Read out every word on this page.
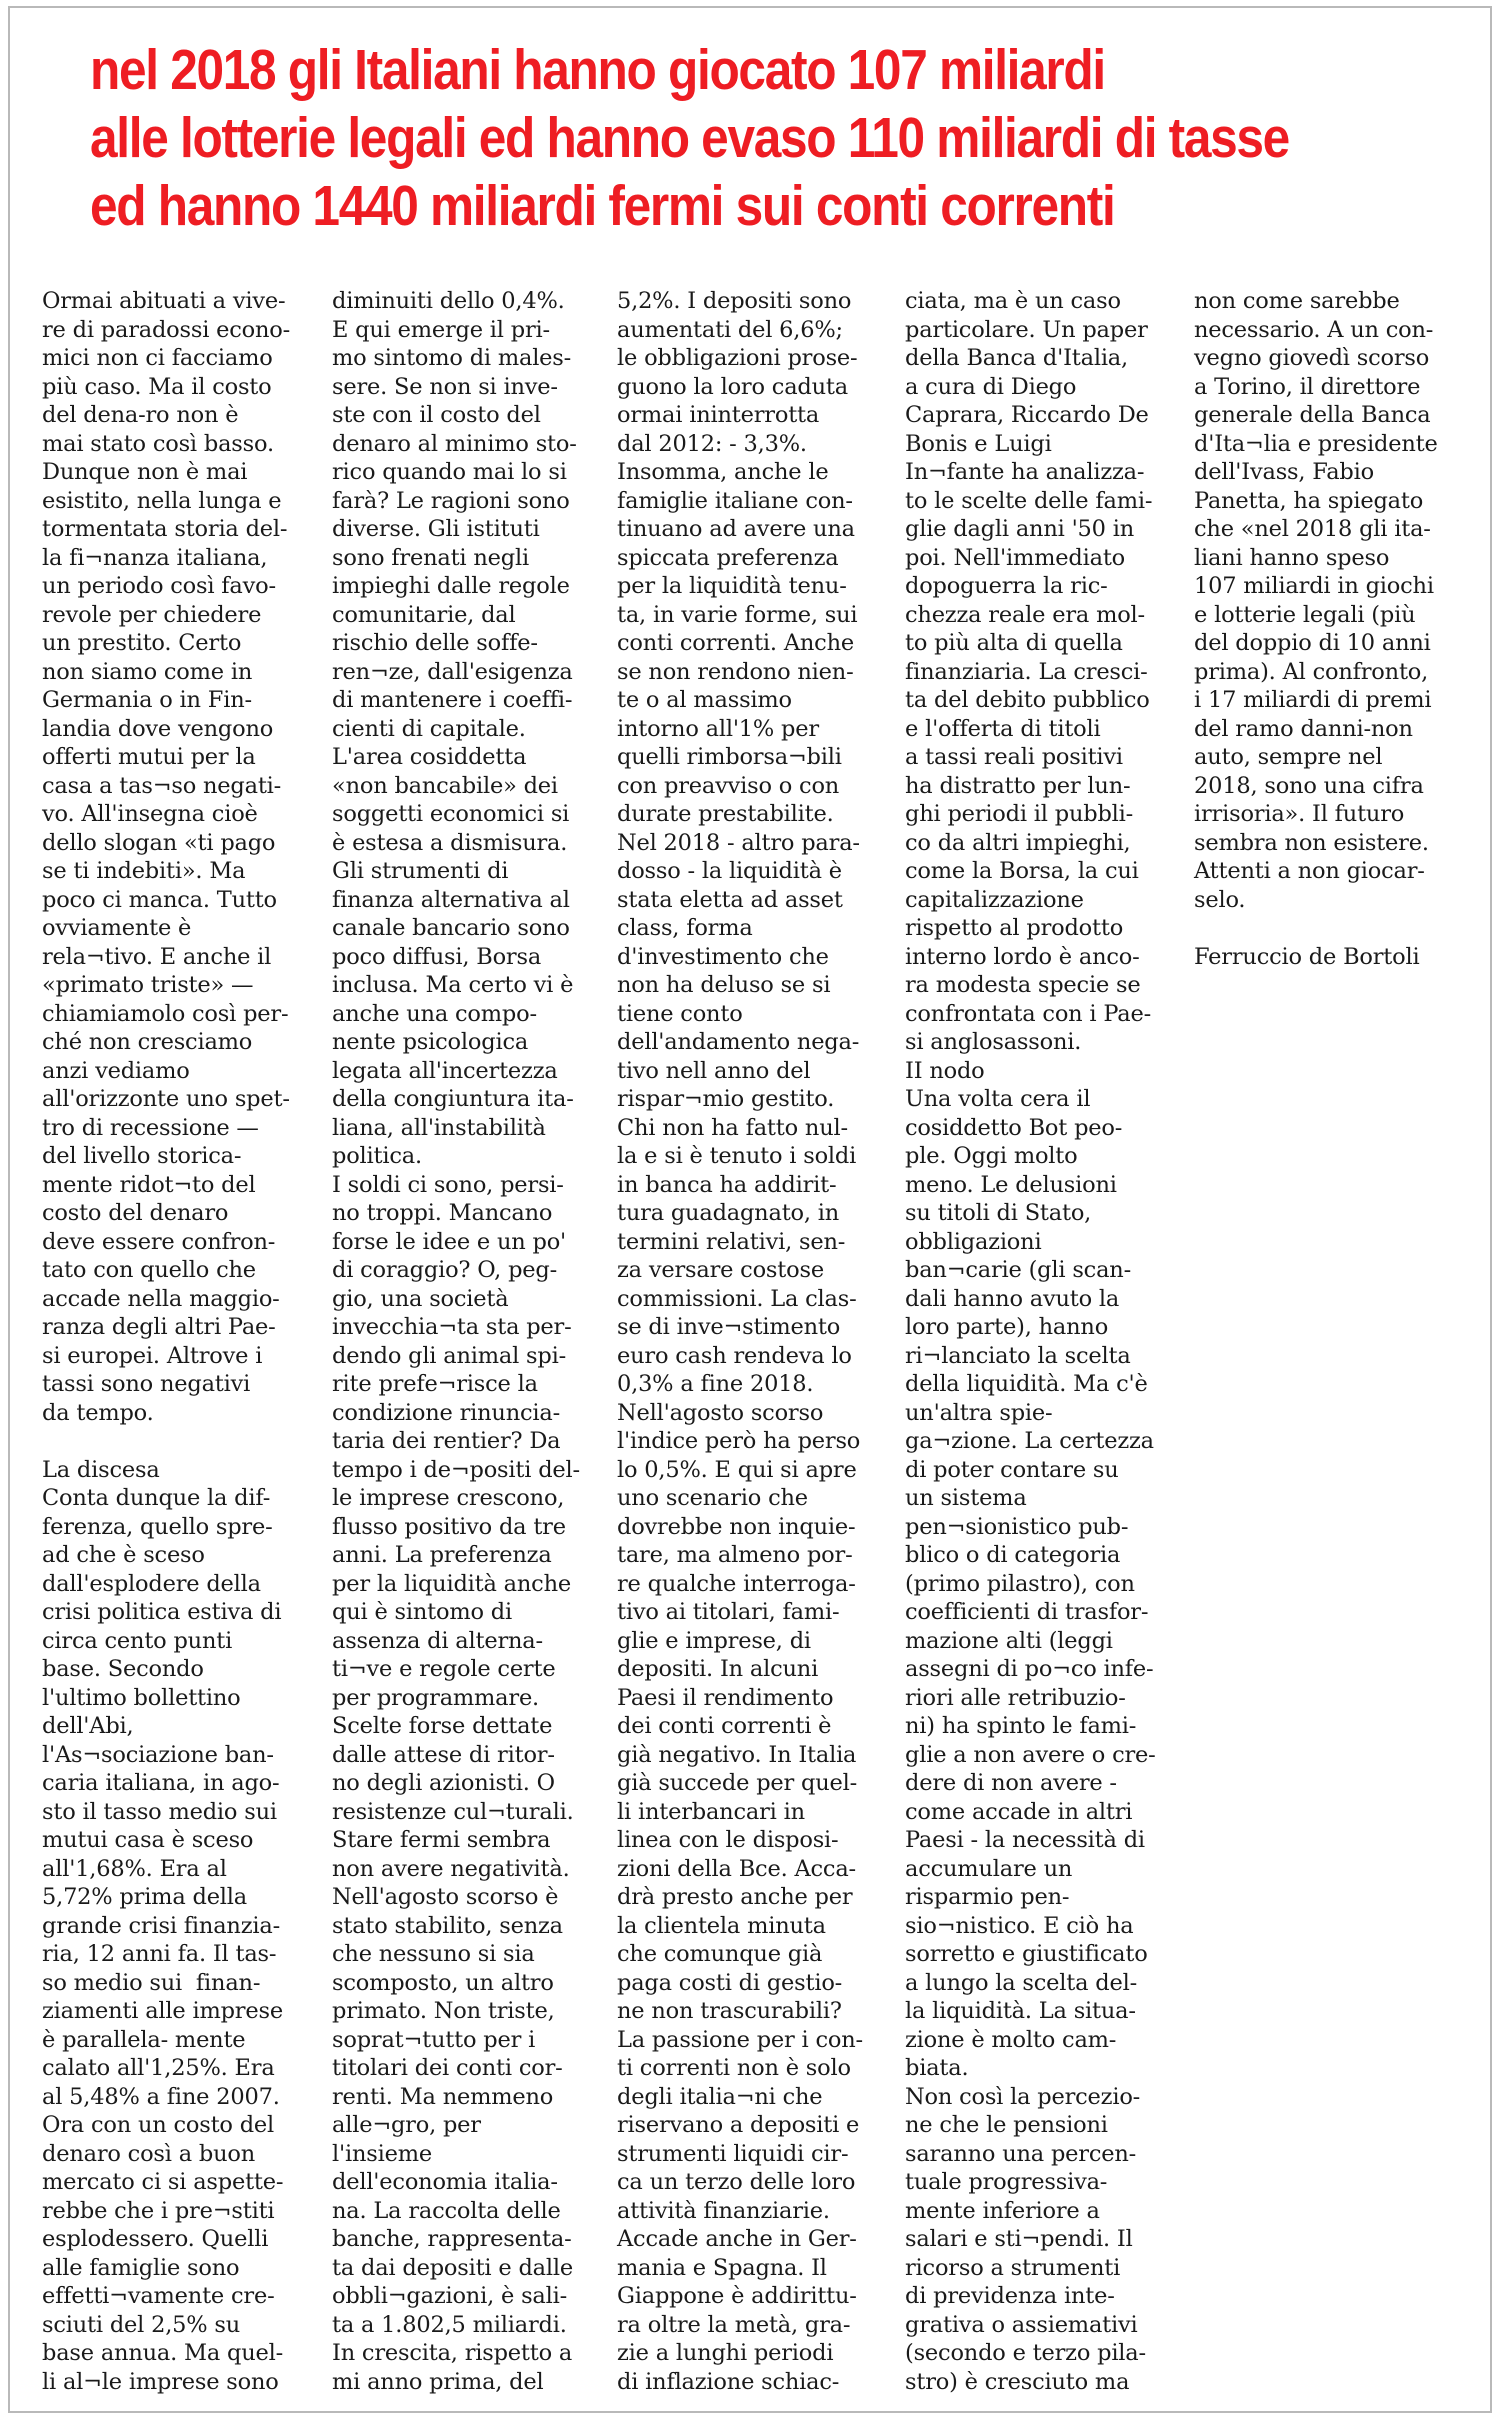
nel 2018 gli Italiani hanno giocato 107 miliardi
alle lotterie legali ed hanno evaso 110 miliardi di tasse
ed hanno 1440 miliardi fermi sui conti correnti

Ormai abituati a vive-

re di paradossi econo-

mici non ci facciamo

più caso. Ma il costo

del dena-ro non è

mai stato così basso.

Dunque non è mai

esistito, nella lunga e

tormentata storia del-

la fi¬nanza italiana,

un periodo così favo-

revole per chiedere

un prestito. Certo

non siamo come in

Germania o in Fin-

landia dove vengono

offerti mutui per la

casa a tas¬so negati-

vo. All'insegna cioè

dello slogan «ti pago

se ti indebiti». Ma

poco ci manca. Tutto

ovviamente è

rela¬tivo. E anche il

«primato triste» —

chiamiamolo così per-

ché non cresciamo

anzi vediamo

all'orizzonte uno spet-

tro di recessione —

del livello storica-

mente ridot¬to del

costo del denaro

deve essere confron-

tato con quello che

accade nella maggio-

ranza degli altri Pae-

si europei. Altrove i

tassi sono negativi

da tempo.

La discesa

Conta dunque la dif-

ferenza, quello spre-

ad che è sceso

dall'esplodere della

crisi politica estiva di

circa cento punti

base. Secondo

l'ultimo bollettino

dell'Abi,

l'As¬sociazione ban-

caria italiana, in ago-

sto il tasso medio sui

mutui casa è sceso

all'1,68%. Era al

5,72% prima della

grande crisi finanzia-

ria, 12 anni fa. Il tas-

so medio sui  finan-

ziamenti alle imprese

è parallela- mente

calato all'1,25%. Era

al 5,48% a fine 2007.

Ora con un costo del

denaro così a buon

mercato ci si aspette-

rebbe che i pre¬stiti

esplodessero. Quelli

alle famiglie sono

effetti¬vamente cre-

sciuti del 2,5% su

base annua. Ma quel-

li al¬le imprese sono

diminuiti dello 0,4%.

E qui emerge il pri-

mo sintomo di males-

sere. Se non si inve-

ste con il costo del

denaro al minimo sto-

rico quando mai lo si

farà? Le ragioni sono

diverse. Gli istituti

sono frenati negli

impieghi dalle regole

comunitarie, dal

rischio delle soffe-

ren¬ze, dall'esigenza

di mantenere i coeffi-

cienti di capitale.

L'area cosiddetta

«non bancabile» dei

soggetti economici si

è estesa a dismisura.

Gli strumenti di

finanza alternativa al

canale bancario sono

poco diffusi, Borsa

inclusa. Ma certo vi è

anche una compo-

nente psicologica

legata all'incertezza

della congiuntura ita-

liana, all'instabilità

politica.

I soldi ci sono, persi-

no troppi. Mancano

forse le idee e un po'

di coraggio? O, peg-

gio, una società

invecchia¬ta sta per-

dendo gli animal spi-

rite prefe¬risce la

condizione rinuncia-

taria dei rentier? Da

tempo i de¬positi del-

le imprese crescono,

flusso positivo da tre

anni. La preferenza

per la liquidità anche

qui è sintomo di

assenza di alterna-

ti¬ve e regole certe

per programmare.

Scelte forse dettate

dalle attese di ritor-

no degli azionisti. O

resistenze cul¬turali.

Stare fermi sembra

non avere negatività.

Nell'agosto scorso è

stato stabilito, senza

che nessuno si sia

scomposto, un altro

primato. Non triste,

soprat¬tutto per i

titolari dei conti cor-

renti. Ma nemmeno

alle¬gro, per

l'insieme

dell'economia italia-

na. La raccolta delle

banche, rappresenta-

ta dai depositi e dalle

obbli¬gazioni, è sali-

ta a 1.802,5 miliardi.

In crescita, rispetto a

mi anno prima, del

5,2%. I depositi sono

aumentati del 6,6%;

le obbligazioni prose-

guono la loro caduta

ormai ininterrotta

dal 2012: - 3,3%.

Insomma, anche le

famiglie italiane con-

tinuano ad avere una

spiccata preferenza

per la liquidità tenu-

ta, in varie forme, sui

conti correnti. Anche

se non rendono nien-

te o al massimo

intorno all'1% per

quelli rimborsa¬bili

con preavviso o con

durate prestabilite.

Nel 2018 - altro para-

dosso - la liquidità è

stata eletta ad asset

class, forma

d'investimento che

non ha deluso se si

tiene conto

dell'andamento nega-

tivo nell anno del

rispar¬mio gestito.

Chi non ha fatto nul-

la e si è tenuto i soldi

in banca ha addirit-

tura guadagnato, in

termini relativi, sen-

za versare costose

commissioni. La clas-

se di inve¬stimento

euro cash rendeva lo

0,3% a fine 2018.

Nell'agosto scorso

l'indice però ha perso

lo 0,5%. E qui si apre

uno scenario che

dovrebbe non inquie-

tare, ma almeno por-

re qualche interroga-

tivo ai titolari, fami-

glie e imprese, di

depositi. In alcuni

Paesi il rendimento

dei conti correnti è

già negativo. In Italia

già succede per quel-

li interbancari in

linea con le disposi-

zioni della Bce. Acca-

drà presto anche per

la clientela minuta

che comunque già

paga costi di gestio-

ne non trascurabili?

La passione per i con-

ti correnti non è solo

degli italia¬ni che

riservano a depositi e

strumenti liquidi cir-

ca un terzo delle loro

attività finanziarie.

Accade anche in Ger-

mania e Spagna. Il

Giappone è addirittu-

ra oltre la metà, gra-

zie a lunghi periodi

di inflazione schiac-

ciata, ma è un caso

particolare. Un paper

della Banca d'Italia,

a cura di Diego

Caprara, Riccardo De

Bonis e Luigi

In¬fante ha analizza-

to le scelte delle fami-

glie dagli anni '50 in

poi. Nell'immediato

dopoguerra la ric-

chezza reale era mol-

to più alta di quella

finanziaria. La cresci-

ta del debito pubblico

e l'offerta di titoli

a tassi reali positivi

ha distratto per lun-

ghi periodi il pubbli-

co da altri impieghi,

come la Borsa, la cui

capitalizzazione

rispetto al prodotto

interno lordo è anco-

ra modesta specie se

confrontata con i Pae-

si anglosassoni.

II nodo

Una volta cera il

cosiddetto Bot peo-

ple. Oggi molto

meno. Le delusioni

su titoli di Stato,

obbligazioni

ban¬carie (gli scan-

dali hanno avuto la

loro parte), hanno

ri¬lanciato la scelta

della liquidità. Ma c'è

un'altra spie-

ga¬zione. La certezza

di poter contare su

un sistema

pen¬sionistico pub-

blico o di categoria

(primo pilastro), con

coefficienti di trasfor-

mazione alti (leggi

assegni di po¬co infe-

riori alle retribuzio-

ni) ha spinto le fami-

glie a non avere o cre-

dere di non avere -

come accade in altri

Paesi - la necessità di

accumulare un

risparmio pen-

sio¬nistico. E ciò ha

sorretto e giustificato

a lungo la scelta del-

la liquidità. La situa-

zione è molto cam-

biata.

Non così la percezio-

ne che le pensioni

saranno una percen-

tuale progressiva-

mente inferiore a

salari e sti¬pendi. Il

ricorso a strumenti

di previdenza inte-

grativa o assiemativi

(secondo e terzo pila-

stro) è cresciuto ma

non come sarebbe

necessario. A un con-

vegno giovedì scorso

a Torino, il direttore

generale della Banca

d'Ita¬lia e presidente

dell'Ivass, Fabio

Panetta, ha spiegato

che «nel 2018 gli ita-

liani hanno speso

107 miliardi in giochi

e lotterie legali (più

del doppio di 10 anni

prima). Al confronto,

i 17 miliardi di premi

del ramo danni-non

auto, sempre nel

2018, sono una cifra

irrisoria». Il futuro

sembra non esistere.

Attenti a non giocar-

selo.

Ferruccio de Bortoli
